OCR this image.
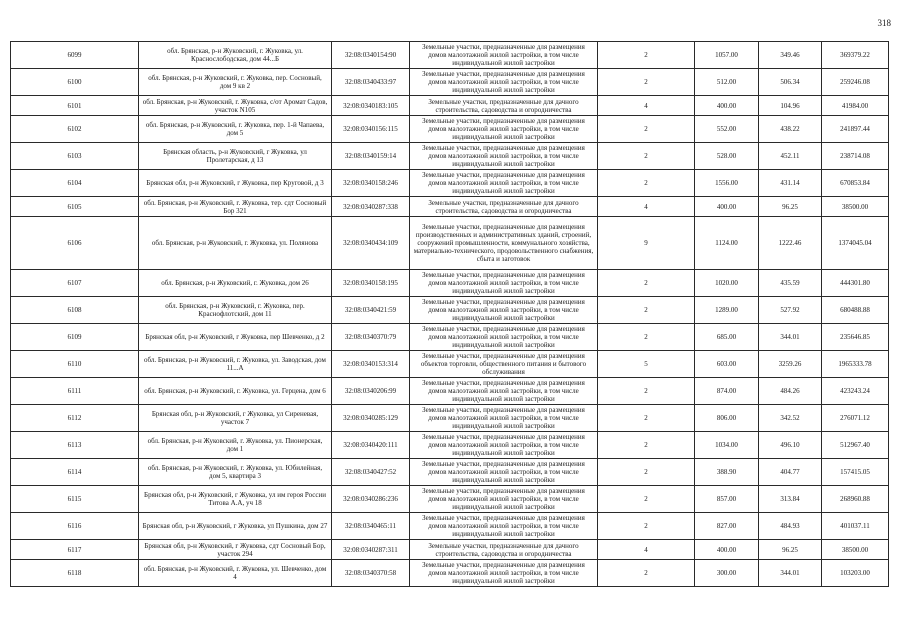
318
6099	обл. Брянская, р-н Жуковский, г. Жуковка, ул. Краснослободская, дом 44...Б	32:08:0340154:90	Земельные участки, предназначенные для размещения домов малоэтажной жилой застройки, в том числе индивидуальной жилой застройки	2	1057.00	349.46	369379.22
6100	обл. Брянская, р-н Жуковский, г. Жуковка, пер. Сосновый, дом 9 кв 2	32:08:0340433:97	Земельные участки, предназначенные для размещения домов малоэтажной жилой застройки, в том числе индивидуальной жилой застройки	2	512.00	506.34	259246.08
6101	обл. Брянская, р-н Жуковский, г. Жуковка, с/от Аромат Садов, участок N105	32:08:0340183:105	Земельные участки, предназначенные для дачного строительства, садоводства и огородничества	4	400.00	104.96	41984.00
6102	обл. Брянская, р-н Жуковский, г. Жуковка, пер. 1-й Чапаева, дом 5	32:08:0340156:115	Земельные участки, предназначенные для размещения домов малоэтажной жилой застройки, в том числе индивидуальной жилой застройки	2	552.00	438.22	241897.44
6103	Брянская область, р-н Жуковский, г Жуковка, ул Пролетарская, д 13	32:08:0340159:14	Земельные участки, предназначенные для размещения домов малоэтажной жилой застройки, в том числе индивидуальной жилой застройки	2	528.00	452.11	238714.08
6104	Брянская обл, р-н Жуковский, г Жуковка, пер Круговой, д 3	32:08:0340158:246	Земельные участки, предназначенные для размещения домов малоэтажной жилой застройки, в том числе индивидуальной жилой застройки	2	1556.00	431.14	670853.84
6105	обл. Брянская, р-н Жуковский, г. Жуковка, тер. сдт Сосновый Бор 321	32:08:0340287:338	Земельные участки, предназначенные для дачного строительства, садоводства и огородничества	4	400.00	96.25	38500.00
6106	обл. Брянская, р-н Жуковский, г. Жуковка, ул. Полянова	32:08:0340434:109	Земельные участки, предназначенные для размещения производственных и административных зданий, строений, сооружений промышленности, коммунального хозяйства, материально-технического, продовольственного снабжения, сбыта и заготовок	9	1124.00	1222.46	1374045.04
6107	обл. Брянская, р-н Жуковский, г. Жуковка, дом 26	32:08:0340158:195	Земельные участки, предназначенные для размещения домов малоэтажной жилой застройки, в том числе индивидуальной жилой застройки	2	1020.00	435.59	444301.80
6108	обл. Брянская, р-н Жуковский, г. Жуковка, пер. Краснофлотский, дом 11	32:08:0340421:59	Земельные участки, предназначенные для размещения домов малоэтажной жилой застройки, в том числе индивидуальной жилой застройки	2	1289.00	527.92	680488.88
6109	Брянская обл, р-н Жуковский, г Жуковка, пер Шевченко, д 2	32:08:0340370:79	Земельные участки, предназначенные для размещения домов малоэтажной жилой застройки, в том числе индивидуальной жилой застройки	2	685.00	344.01	235646.85
6110	обл. Брянская, р-н Жуковский, г. Жуковка, ул. Заводская, дом 11...А	32:08:0340153:314	Земельные участки, предназначенные для размещения объектов торговли, общественного питания и бытового обслуживания	5	603.00	3259.26	1965333.78
6111	обл. Брянская, р-н Жуковский, г. Жуковка, ул. Герцена, дом 6	32:08:0340206:99	Земельные участки, предназначенные для размещения домов малоэтажной жилой застройки, в том числе индивидуальной жилой застройки	2	874.00	484.26	423243.24
6112	Брянская обл, р-н Жуковский, г Жуковка, ул Сиреневая, участок 7	32:08:0340285:129	Земельные участки, предназначенные для размещения домов малоэтажной жилой застройки, в том числе индивидуальной жилой застройки	2	806.00	342.52	276071.12
6113	обл. Брянская, р-н Жуковский, г. Жуковка, ул. Пионерская, дом 1	32:08:0340420:111	Земельные участки, предназначенные для размещения домов малоэтажной жилой застройки, в том числе индивидуальной жилой застройки	2	1034.00	496.10	512967.40
6114	обл. Брянская, р-н Жуковский, г. Жуковка, ул. Юбилейная, дом 5, квартира 3	32:08:0340427:52	Земельные участки, предназначенные для размещения домов малоэтажной жилой застройки, в том числе индивидуальной жилой застройки	2	388.90	404.77	157415.05
6115	Брянская обл, р-н Жуковский, г Жуковка, ул им героя России Титова А.А, уч 18	32:08:0340286:236	Земельные участки, предназначенные для размещения домов малоэтажной жилой застройки, в том числе индивидуальной жилой застройки	2	857.00	313.84	268960.88
6116	Брянская обл, р-н Жуковский, г Жуковка, ул Пушкина, дом 27	32:08:0340465:11	Земельные участки, предназначенные для размещения домов малоэтажной жилой застройки, в том числе индивидуальной жилой застройки	2	827.00	484.93	401037.11
6117	Брянская обл, р-н Жуковский, г Жуковка, сдт Сосновый Бор, участок 294	32:08:0340287:311	Земельные участки, предназначенные для дачного строительства, садоводства и огородничества	4	400.00	96.25	38500.00
6118	обл. Брянская, р-н Жуковский, г. Жуковка, ул. Шевченко, дом 4	32:08:0340370:58	Земельные участки, предназначенные для размещения домов малоэтажной жилой застройки, в том числе индивидуальной жилой застройки	2	300.00	344.01	103203.00
